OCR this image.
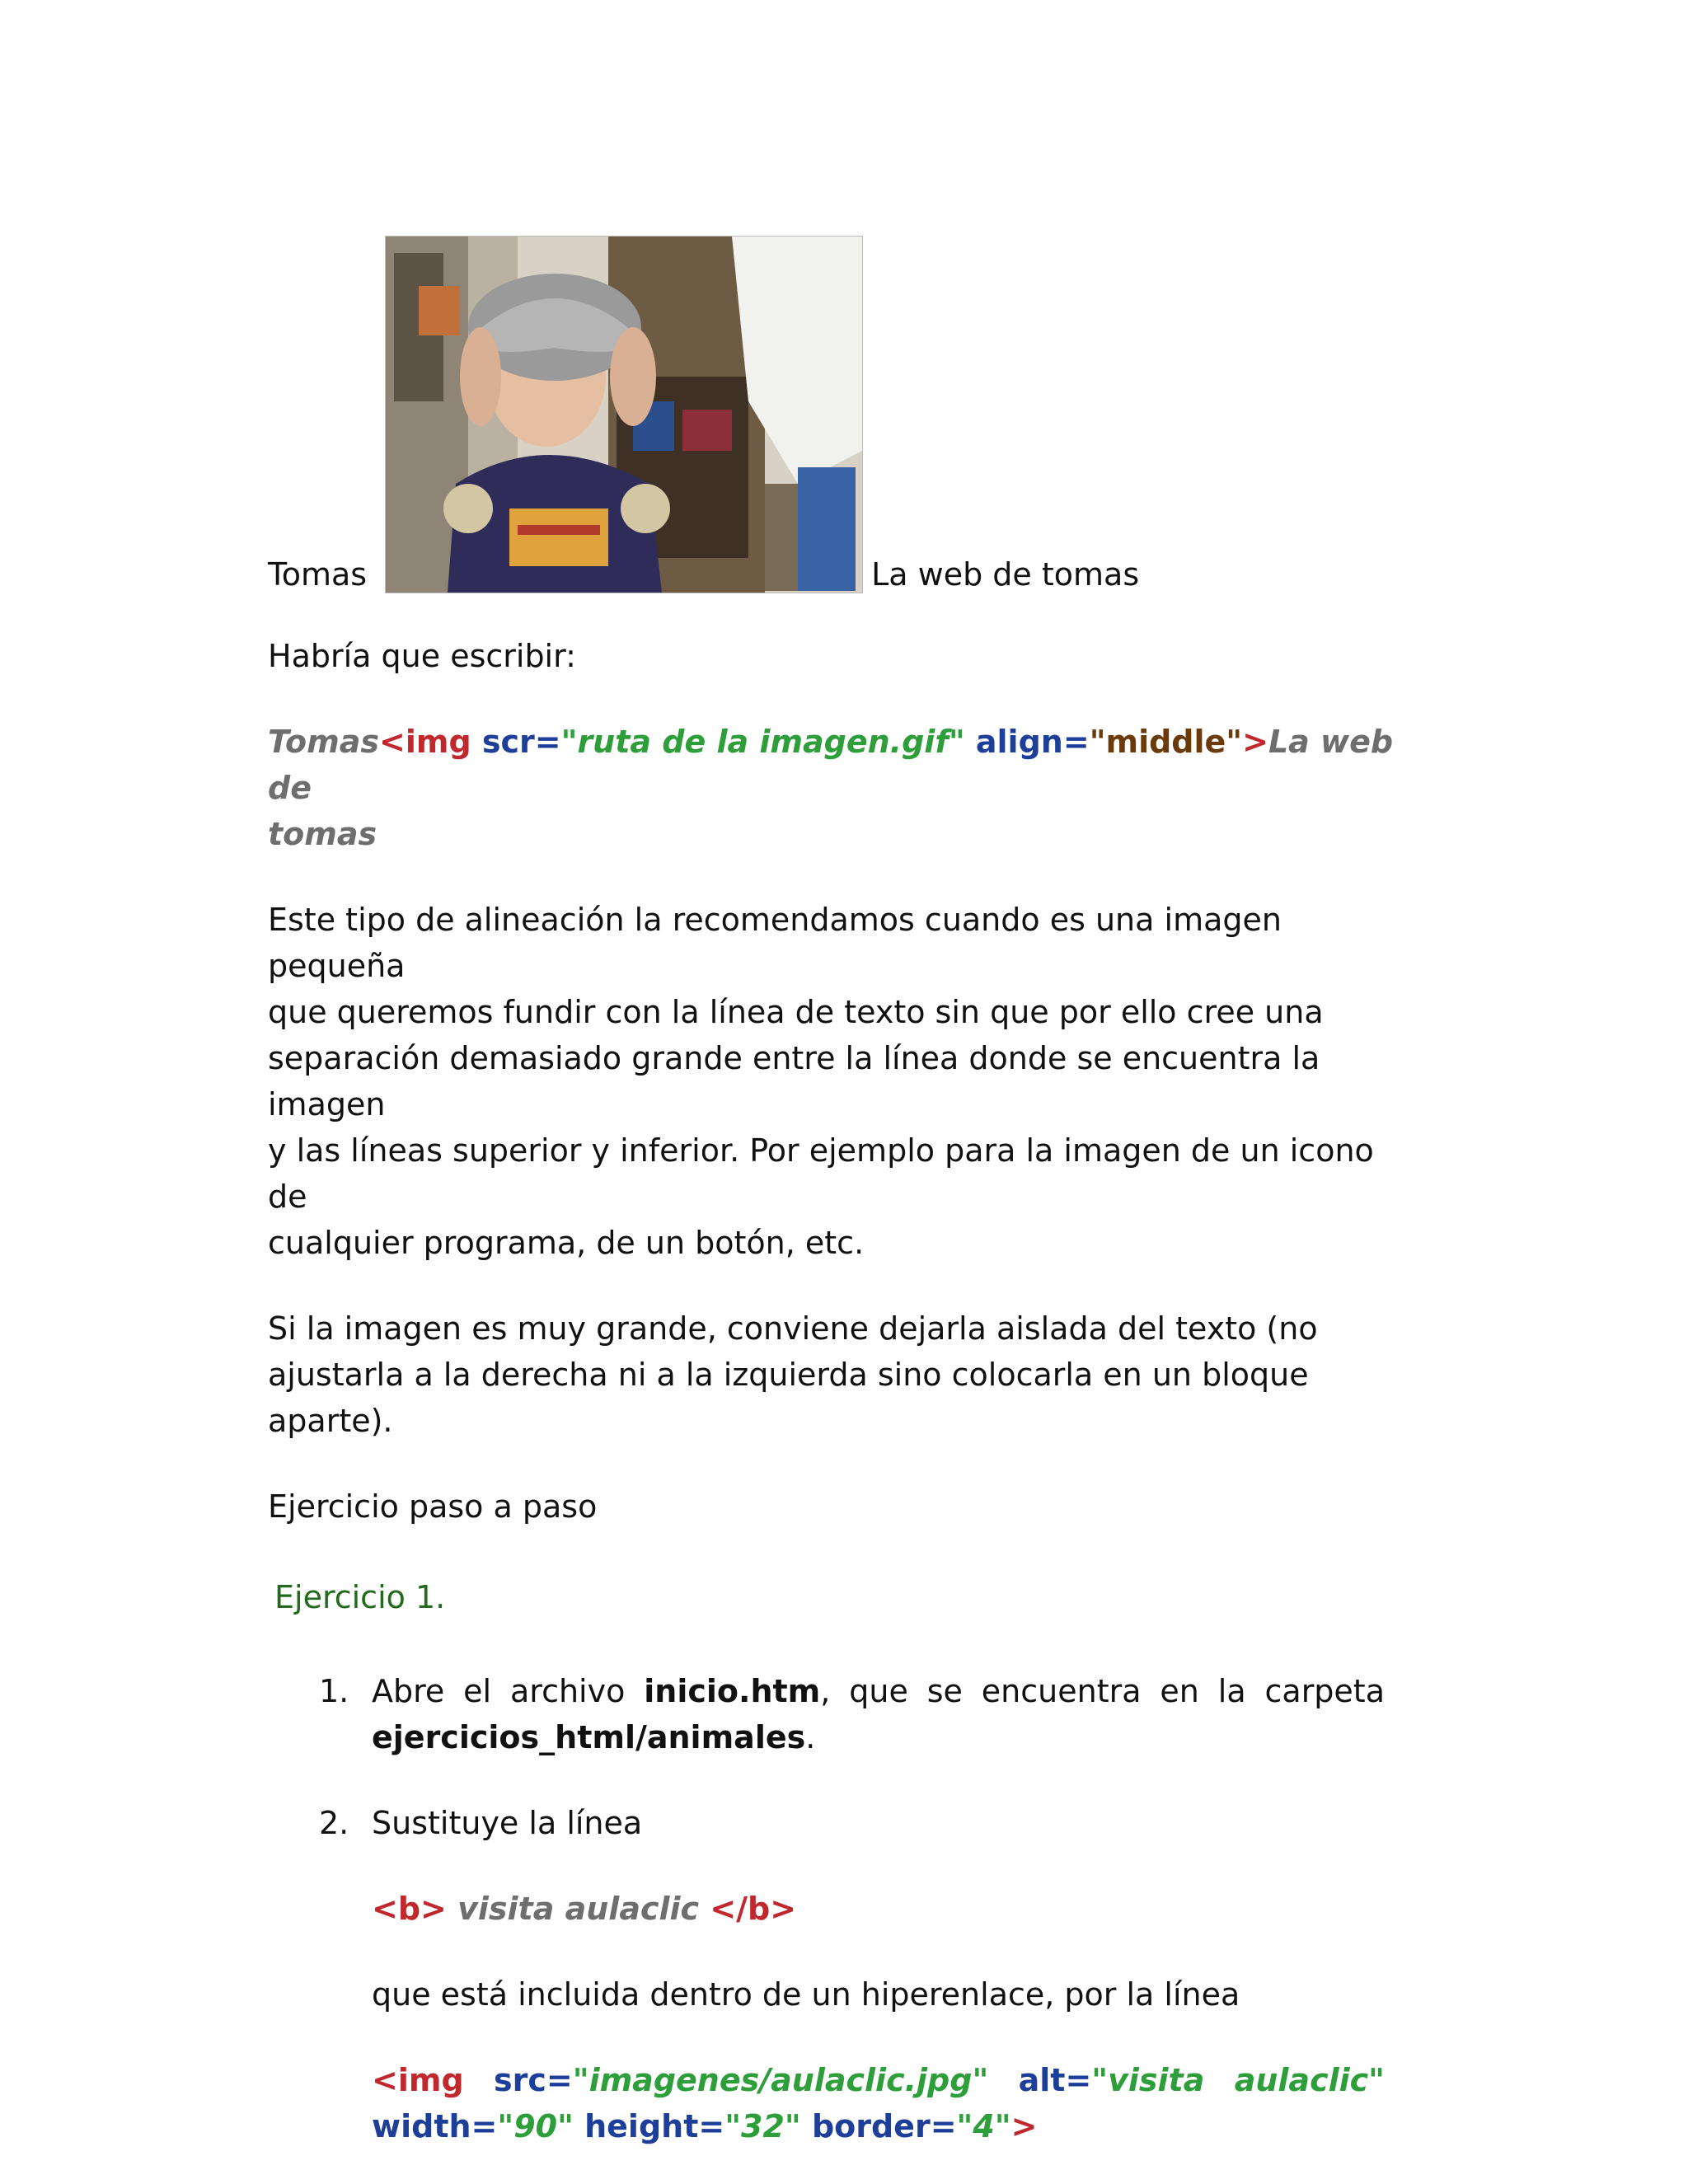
Tomas	La web de tomas

Habría que escribir:

Tomas<img scr="ruta de la imagen.gif" align="middle">La web de
tomas

Este tipo de alineación la recomendamos cuando es una imagen pequeña
que queremos fundir con la línea de texto sin que por ello cree una
separación demasiado grande entre la línea donde se encuentra la imagen
y las líneas superior y inferior. Por ejemplo para la imagen de un icono de
cualquier programa, de un botón, etc.

Si la imagen es muy grande, conviene dejarla aislada del texto (no
ajustarla a la derecha ni a la izquierda sino colocarla en un bloque aparte).

Ejercicio paso a paso

Ejercicio 1.

1. Abre el archivo inicio.htm, que se encuentra en la carpeta ejercicios_html/animales.
2. Sustituye la línea
<b> visita aulaclic </b>
que está incluida dentro de un hiperenlace, por la línea
<img src="imagenes/aulaclic.jpg" alt="visita aulaclic"
width="90" height="32" border="4">
